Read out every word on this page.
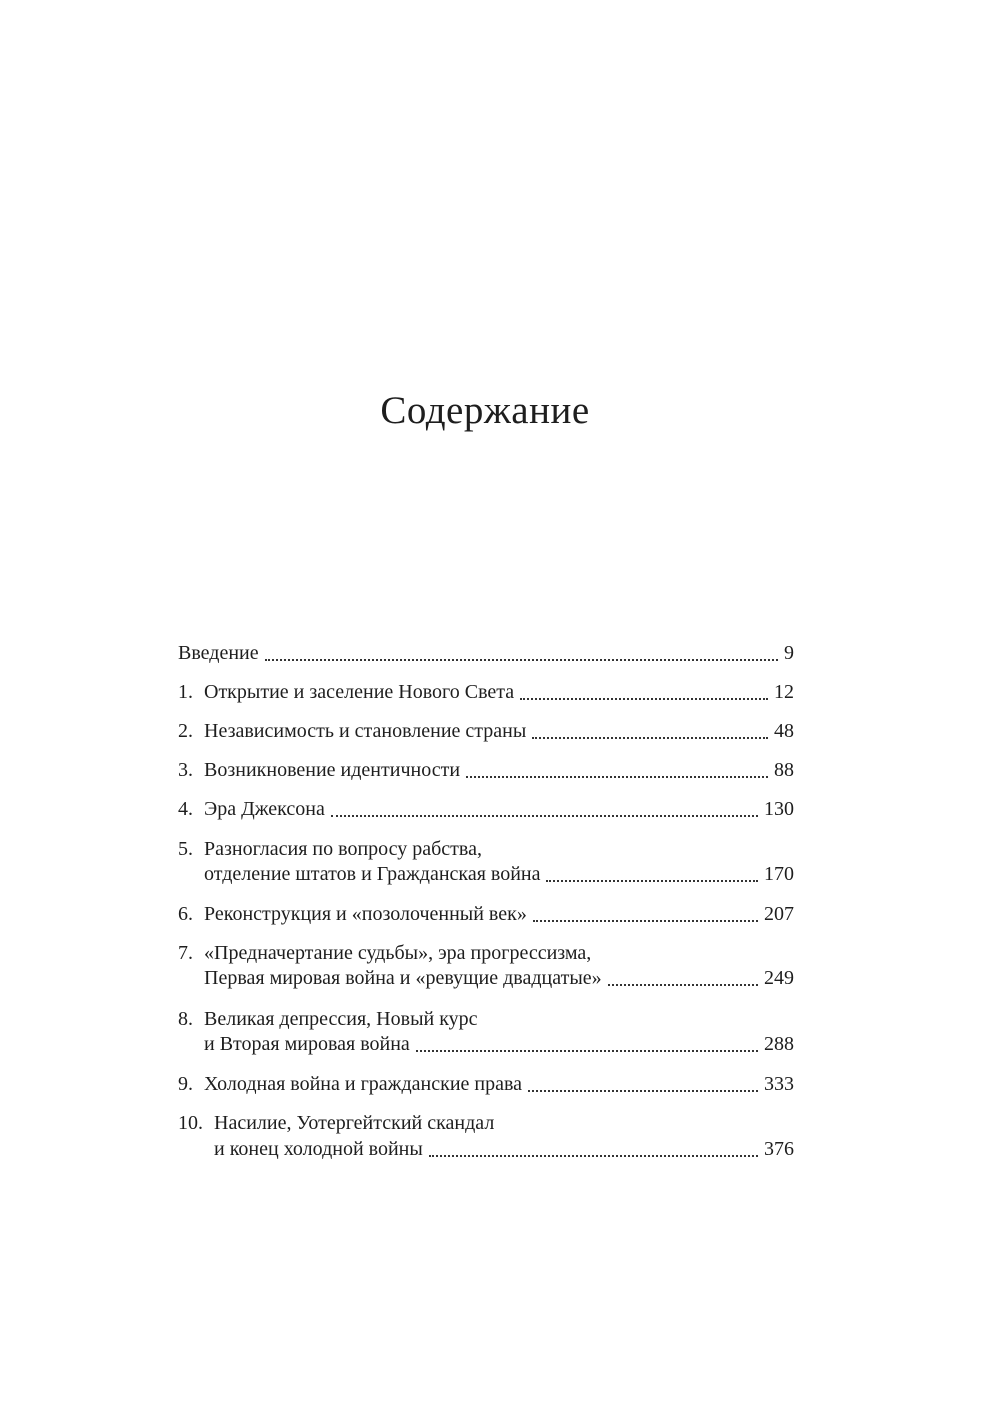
Содержание
Введение	9
1. Открытие и заселение Нового Света	12
2. Независимость и становление страны	48
3. Возникновение идентичности	88
4. Эра Джексона	130
5. Разногласия по вопросу рабства,
отделение штатов и Гражданская война	170
6. Реконструкция и «позолоченный век»	207
7. «Предначертание судьбы», эра прогрессизма,
Первая мировая война и «ревущие двадцатые»	249
8. Великая депрессия, Новый курс
и Вторая мировая война	288
9. Холодная война и гражданские права	333
10. Насилие, Уотергейтский скандал
и конец холодной войны	376
